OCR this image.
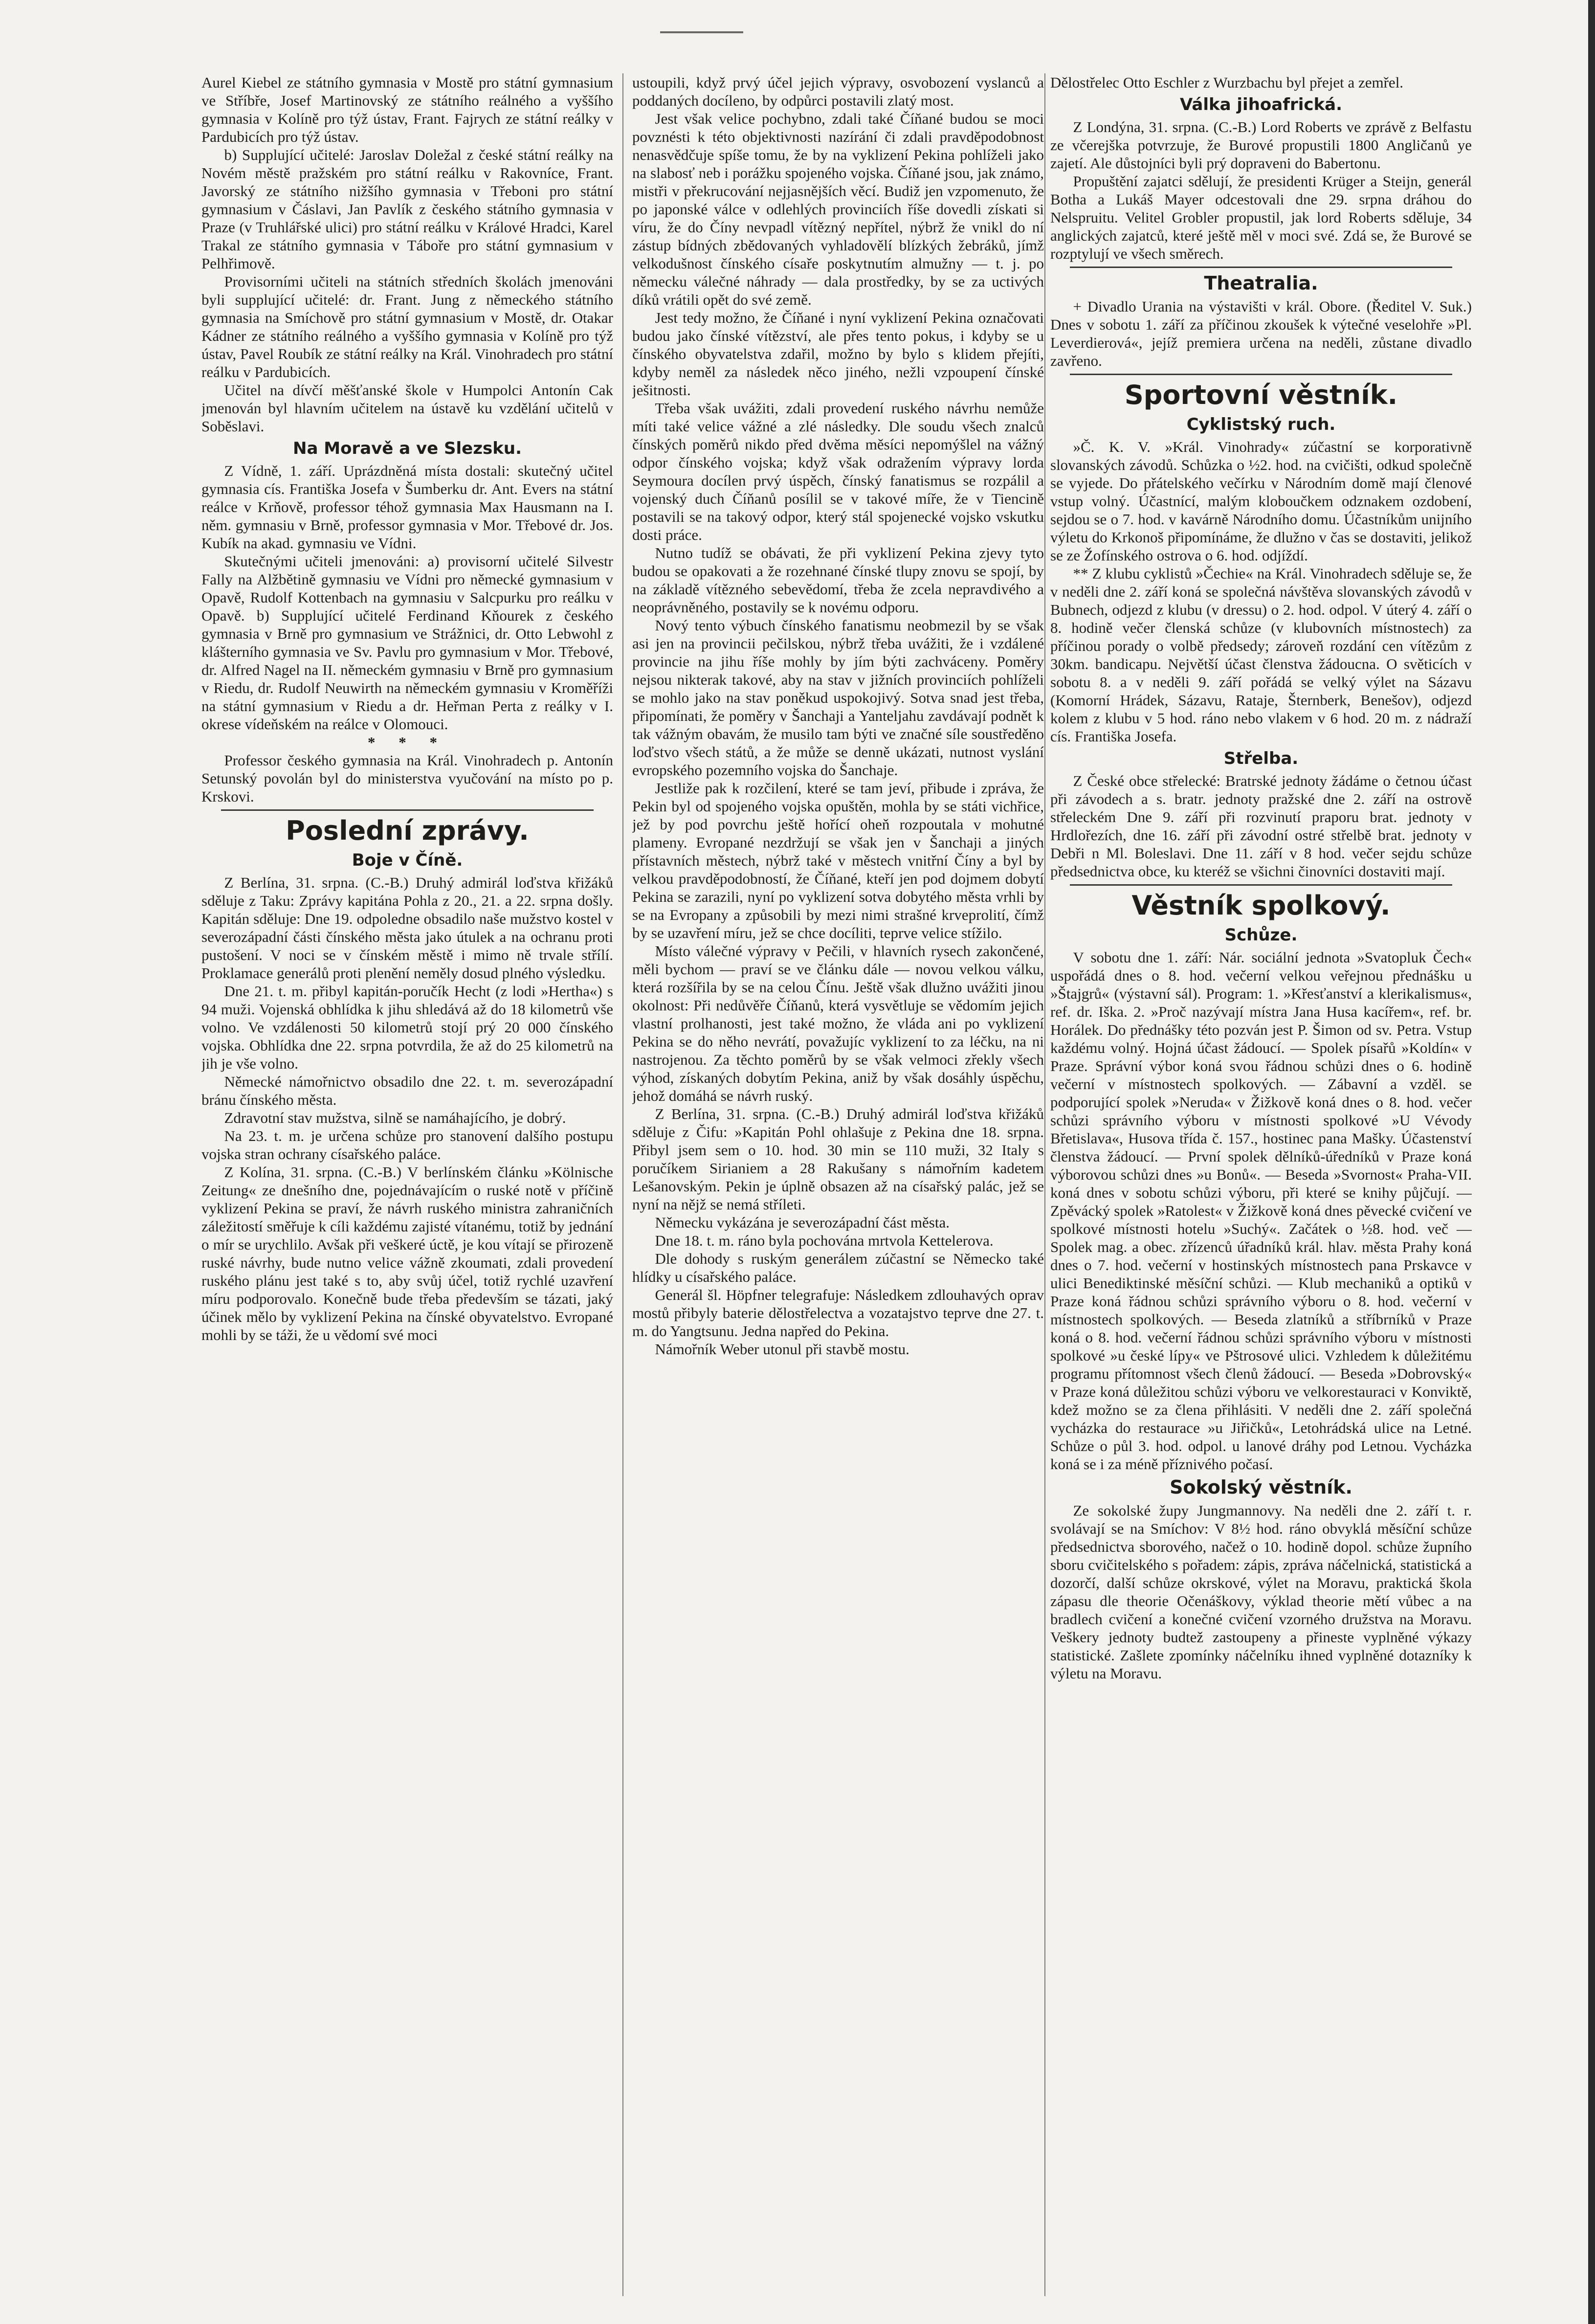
Aurel Kiebel ze státního gymnasia v Mostě pro státní gymnasium ve Stříbře, Josef Martinovský ze státního reálného a vyššího gymnasia v Kolíně pro týž ústav, Frant. Fajrych ze státní reálky v Pardubicích pro týž ústav.

b) Supplující učitelé: Jaroslav Doležal z české státní reálky na Novém městě pražském pro státní reálku v Rakovníce, Frant. Javorský ze státního nižšího gymnasia v Třeboni pro státní gymnasium v Čáslavi, Jan Pavlík z českého státního gymnasia v Praze (v Truhlářské ulici) pro státní reálku v Králové Hradci, Karel Trakal ze státního gymnasia v Táboře pro státní gymnasium v Pelhřimově.

Provisorními učiteli na státních středních školách jmenováni byli supplující učitelé: dr. Frant. Jung z německého státního gymnasia na Smíchově pro státní gymnasium v Mostě, dr. Otakar Kádner ze státního reálného a vyššího gymnasia v Kolíně pro týž ústav, Pavel Roubík ze státní reálky na Král. Vinohradech pro státní reálku v Pardubicích.

Učitel na dívčí měšťanské škole v Humpolci Antonín Cak jmenován byl hlavním učitelem na ústavě ku vzdělání učitelů v Soběslavi.

Na Moravě a ve Slezsku.

Z Vídně, 1. září. Uprázdněná místa dostali: skutečný učitel gymnasia cís. Františka Josefa v Šumberku dr. Ant. Evers na státní reálce v Krňově, professor téhož gymnasia Max Hausmann na I. něm. gymnasiu v Brně, professor gymnasia v Mor. Třebové dr. Jos. Kubík na akad. gymnasiu ve Vídni.

Skutečnými učiteli jmenováni: a) provisorní učitelé Silvestr Fally na Alžbětině gymnasiu ve Vídni pro německé gymnasium v Opavě, Rudolf Kottenbach na gymnasiu v Salcpurku pro reálku v Opavě. b) Supplující učitelé Ferdinand Kňourek z českého gymnasia v Brně pro gymnasium ve Strážnici, dr. Otto Lebwohl z klášterního gymnasia ve Sv. Pavlu pro gymnasium v Mor. Třebové, dr. Alfred Nagel na II. německém gymnasiu v Brně pro gymnasium v Riedu, dr. Rudolf Neuwirth na německém gymnasiu v Kroměříži na státní gymnasium v Riedu a dr. Heřman Perta z reálky v I. okrese vídeňském na reálce v Olomouci.

* * *

Professor českého gymnasia na Král. Vinohradech p. Antonín Setunský povolán byl do ministerstva vyučování na místo po p. Krskovi.

Poslední zprávy.
Boje v Číně.

Z Berlína, 31. srpna. (C.-B.) Druhý admirál loďstva křižáků sděluje z Taku: Zprávy kapitána Pohla z 20., 21. a 22. srpna došly. Kapitán sděluje: Dne 19. odpoledne obsadilo naše mužstvo kostel v severozápadní části čínského města jako útulek a na ochranu proti pustošení. V noci se v čínském městě i mimo ně trvale střílí. Proklamace generálů proti plenění neměly dosud plného výsledku.

Dne 21. t. m. přibyl kapitán-poručík Hecht (z lodi »Hertha«) s 94 muži. Vojenská obhlídka k jihu shledává až do 18 kilometrů vše volno. Ve vzdálenosti 50 kilometrů stojí prý 20 000 čínského vojska. Obhlídka dne 22. srpna potvrdila, že až do 25 kilometrů na jih je vše volno.

Německé námořnictvo obsadilo dne 22. t. m. severozápadní bránu čínského města.

Zdravotní stav mužstva, silně se namáhajícího, je dobrý.

Na 23. t. m. je určena schůze pro stanovení dalšího postupu vojska stran ochrany císařského paláce.

Z Kolína, 31. srpna. (C.-B.) V berlínském článku »Kölnische Zeitung« ze dnešního dne, pojednávajícím o ruské notě v příčině vyklizení Pekina se praví, že návrh ruského ministra zahraničních záležitostí směřuje k cíli každému zajisté vítanému, totiž by jednání o mír se urychlilo. Avšak při veškeré úctě, je kou vítají se přirozeně ruské návrhy, bude nutno velice vážně zkoumati, zdali provedení ruského plánu jest také s to, aby svůj účel, totiž rychlé uzavření míru podporovalo. Konečně bude třeba především se tázati, jaký účinek mělo by vyklizení Pekina na čínské obyvatelstvo. Evropané mohli by se táži, že u vědomí své moci

ustoupili, když prvý účel jejich výpravy, osvobození vyslanců a poddaných docíleno, by odpůrci postavili zlatý most.

Jest však velice pochybno, zdali také Číňané budou se moci povznésti k této objektivnosti nazírání či zdali pravděpodobnost nenasvědčuje spíše tomu, že by na vyklizení Pekina pohlíželi jako na slabosť neb i porážku spojeného vojska. Číňané jsou, jak známo, mistři v překrucování nejjasnějších věcí. Budiž jen vzpomenuto, že po japonské válce v odlehlých provinciích říše dovedli získati si víru, že do Číny nevpadl vítězný nepřítel, nýbrž že vnikl do ní zástup bídných zbědovaných vyhladovělí blízkých žebráků, jímž velkodušnost čínského císaře poskytnutím almužny — t. j. po německu válečné náhrady — dala prostředky, by se za uctivých díků vrátili opět do své země.

Jest tedy možno, že Číňané i nyní vyklizení Pekina označovati budou jako čínské vítězství, ale přes tento pokus, i kdyby se u čínského obyvatelstva zdařil, možno by bylo s klidem přejíti, kdyby neměl za následek něco jiného, nežli vzpoupení čínské ješitnosti.

Třeba však uvážiti, zdali provedení ruského návrhu nemůže míti také velice vážné a zlé následky. Dle soudu všech znalců čínských poměrů nikdo před dvěma měsíci nepomýšlel na vážný odpor čínského vojska; když však odražením výpravy lorda Seymoura docílen prvý úspěch, čínský fanatismus se rozpálil a vojenský duch Číňanů posílil se v takové míře, že v Tiencině postavili se na takový odpor, který stál spojenecké vojsko vskutku dosti práce.

Nutno tudíž se obávati, že při vyklizení Pekina zjevy tyto budou se opakovati a že rozehnané čínské tlupy znovu se spojí, by na základě vítězného sebevědomí, třeba že zcela nepravdivého a neoprávněného, postavily se k novému odporu.

Nový tento výbuch čínského fanatismu neobmezil by se však asi jen na provincii pečilskou, nýbrž třeba uvážiti, že i vzdálené provincie na jihu říše mohly by jím býti zachváceny. Poměry nejsou nikterak takové, aby na stav v jižních provinciích pohlíželi se mohlo jako na stav poněkud uspokojivý. Sotva snad jest třeba, připomínati, že poměry v Šanchaji a Yanteljahu zavdávají podnět k tak vážným obavám, že musilo tam býti ve značné síle soustředěno loďstvo všech států, a že může se denně ukázati, nutnost vyslání evropského pozemního vojska do Šanchaje.

Jestliže pak k rozčilení, které se tam jeví, přibude i zpráva, že Pekin byl od spojeného vojska opuštěn, mohla by se státi vichřice, jež by pod povrchu ještě hořící oheň rozpoutala v mohutné plameny. Evropané nezdržují se však jen v Šanchaji a jiných přístavních městech, nýbrž také v městech vnitřní Číny a byl by velkou pravděpodobností, že Číňané, kteří jen pod dojmem dobytí Pekina se zarazili, nyní po vyklizení sotva dobytého města vrhli by se na Evropany a způsobili by mezi nimi strašné krveprolití, čímž by se uzavření míru, jež se chce docíliti, teprve velice stížilo.

Místo válečné výpravy v Pečili, v hlavních rysech zakončené, měli bychom — praví se ve článku dále — novou velkou válku, která rozšířila by se na celou Čínu. Ještě však dlužno uvážiti jinou okolnost: Při nedůvěře Číňanů, která vysvětluje se vědomím jejich vlastní prolhanosti, jest také možno, že vláda ani po vyklizení Pekina se do něho nevrátí, považujíc vyklizení to za léčku, na ni nastrojenou. Za těchto poměrů by se však velmoci zřekly všech výhod, získaných dobytím Pekina, aniž by však dosáhly úspěchu, jehož domáhá se návrh ruský.

Z Berlína, 31. srpna. (C.-B.) Druhý admirál loďstva křižáků sděluje z Čifu: »Kapitán Pohl ohlašuje z Pekina dne 18. srpna. Přibyl jsem sem o 10. hod. 30 min se 110 muži, 32 Italy s poručíkem Sirianiem a 28 Rakušany s námořním kadetem Lešanovským. Pekin je úplně obsazen až na císařský palác, jež se nyní na nějž se nemá stříleti.

Německu vykázána je severozápadní část města.

Dne 18. t. m. ráno byla pochována mrtvola Kettelerova.

Dle dohody s ruským generálem zúčastní se Německo také hlídky u císařského paláce.

Generál šl. Höpfner telegrafuje: Následkem zdlouhavých oprav mostů přibyly baterie dělostřelectva a vozatajstvo teprve dne 27. t. m. do Yangtsunu. Jedna napřed do Pekina.

Námořník Weber utonul při stavbě mostu.

Dělostřelec Otto Eschler z Wurzbachu byl přejet a zemřel.

Válka jihoafrická.

Z Londýna, 31. srpna. (C.-B.) Lord Roberts ve zprávě z Belfastu ze včerejška potvrzuje, že Burové propustili 1800 Angličanů ye zajetí. Ale důstojníci byli prý dopraveni do Babertonu.

Propuštění zajatci sdělují, že presidenti Krüger a Steijn, generál Botha a Lukáš Mayer odcestovali dne 29. srpna dráhou do Nelspruitu. Velitel Grobler propustil, jak lord Roberts sděluje, 34 anglických zajatců, které ještě měl v moci své. Zdá se, že Burové se rozptylují ve všech směrech.

Theatralia.

+ Divadlo Urania na výstavišti v král. Obore. (Ředitel V. Suk.) Dnes v sobotu 1. září za příčinou zkoušek k výtečné veselohře »Pl. Leverdierová«, jejíž premiera určena na neděli, zůstane divadlo zavřeno.

Sportovní věstník.
Cyklistský ruch.

»Č. K. V. »Král. Vinohrady« zúčastní se korporativně slovanských závodů. Schůzka o ½2. hod. na cvičišti, odkud společně se vyjede. Do přátelského večírku v Národním domě mají členové vstup volný. Účastnící, malým kloboučkem odznakem ozdobení, sejdou se o 7. hod. v kavárně Národního domu. Účastníkům unijního výletu do Krkonoš připomínáme, že dlužno v čas se dostaviti, jelikož se ze Žofínského ostrova o 6. hod. odjíždí.

** Z klubu cyklistů »Čechie« na Král. Vinohradech sděluje se, že v neděli dne 2. září koná se společná návštěva slovanských závodů v Bubnech, odjezd z klubu (v dressu) o 2. hod. odpol. V úterý 4. září o 8. hodině večer členská schůze (v klubovních místnostech) za příčinou porady o volbě předsedy; zároveň rozdání cen vítězům z 30km. bandicapu. Největší účast členstva žádoucna. O světicích v sobotu 8. a v neděli 9. září pořádá se velký výlet na Sázavu (Komorní Hrádek, Sázavu, Ratajе, Šternberk, Benešov), odjezd kolem z klubu v 5 hod. ráno nebo vlakem v 6 hod. 20 m. z nádraží cís. Františka Josefa.

Střelba.

Z České obce střelecké: Bratrské jednoty žádáme o četnou účast při závodech a s. bratr. jednoty pražské dne 2. září na ostrově střeleckém Dne 9. září při rozvinutí praporu brat. jednoty v Hrdlořezích, dne 16. září při závodní ostré střelbě brat. jednoty v Debři n Ml. Boleslavi. Dne 11. září v 8 hod. večer sejdu schůze předsednictva obce, ku kteréž se všichni činovníci dostaviti mají.

Věstník spolkový.
Schůze.

V sobotu dne 1. září: Nár. sociální jednota »Svatopluk Čech« uspořádá dnes o 8. hod. večerní velkou veřejnou přednášku u »Štajgrů« (výstavní sál). Program: 1. »Křesťanství a klerikalismus«, ref. dr. Iška. 2. »Proč nazývají místra Jana Husa kacířem«, ref. br. Horálek. Do přednášky této pozván jest P. Šimon od sv. Petra. Vstup každému volný. Hojná účast žádoucí. — Spolek písařů »Koldín« v Praze. Správní výbor koná svou řádnou schůzi dnes o 6. hodině večerní v místnostech spolkových. — Zábavní a vzděl. se podporující spolek »Neruda« v Žižkově koná dnes o 8. hod. večer schůzi správního výboru v místnosti spolkové »U Vévody Břetislava«, Husova třída č. 157., hostinec pana Mašky. Účastenství členstva žádoucí. — První spolek dělníků-úředníků v Praze koná výborovou schůzi dnes »u Bonů«. — Beseda »Svornost« Praha-VII. koná dnes v sobotu schůzi výboru, při které se knihy půjčují. — Zpěvácký spolek »Ratolest« v Žižkově koná dnes pěvecké cvičení ve spolkové místnosti hotelu »Suchý«. Začátek o ½8. hod. več — Spolek mag. a obec. zřízenců úřadníků král. hlav. města Prahy koná dnes o 7. hod. večerní v hostinských místnostech pana Prskavce v ulici Benediktinské měsíční schůzi. — Klub mechaniků a optiků v Praze koná řádnou schůzi správního výboru o 8. hod. večerní v místnostech spolkových. — Beseda zlatníků a stříbrníků v Praze koná o 8. hod. večerní řádnou schůzi správního výboru v místnosti spolkové »u české lípy« ve Pštrosové ulici. Vzhledem k důležitému programu přítomnost všech členů žádoucí. — Beseda »Dobrovský« v Praze koná důležitou schůzi výboru ve velkorestauraci v Konviktě, kdež možno se za člena přihlásiti. V neděli dne 2. září společná vycházka do restaurace »u Jiřičků«, Letohrádská ulice na Letné. Schůze o půl 3. hod. odpol. u lanové dráhy pod Letnou. Vycházka koná se i za méně příznivého počasí.

Sokolský věstník.

Ze sokolské župy Jungmannovy. Na neděli dne 2. září t. r. svolávají se na Smíchov: V 8½ hod. ráno obvyklá měsíční schůze předsednictva sborového, načež o 10. hodině dopol. schůze župního sboru cvičitelského s pořadem: zápis, zpráva náčelnická, statistická a dozorčí, další schůze okrskové, výlet na Moravu, praktická škola zápasu dle theorie Očenáškovy, výklad theorie mětí vůbec a na bradlech cvičení a konečné cvičení vzorného družstva na Moravu. Veškery jednoty budtež zastoupeny a přineste vyplněné výkazy statistické. Zašlete zpomínky náčelníku ihned vyplněné dotazníky k výletu na Moravu.
